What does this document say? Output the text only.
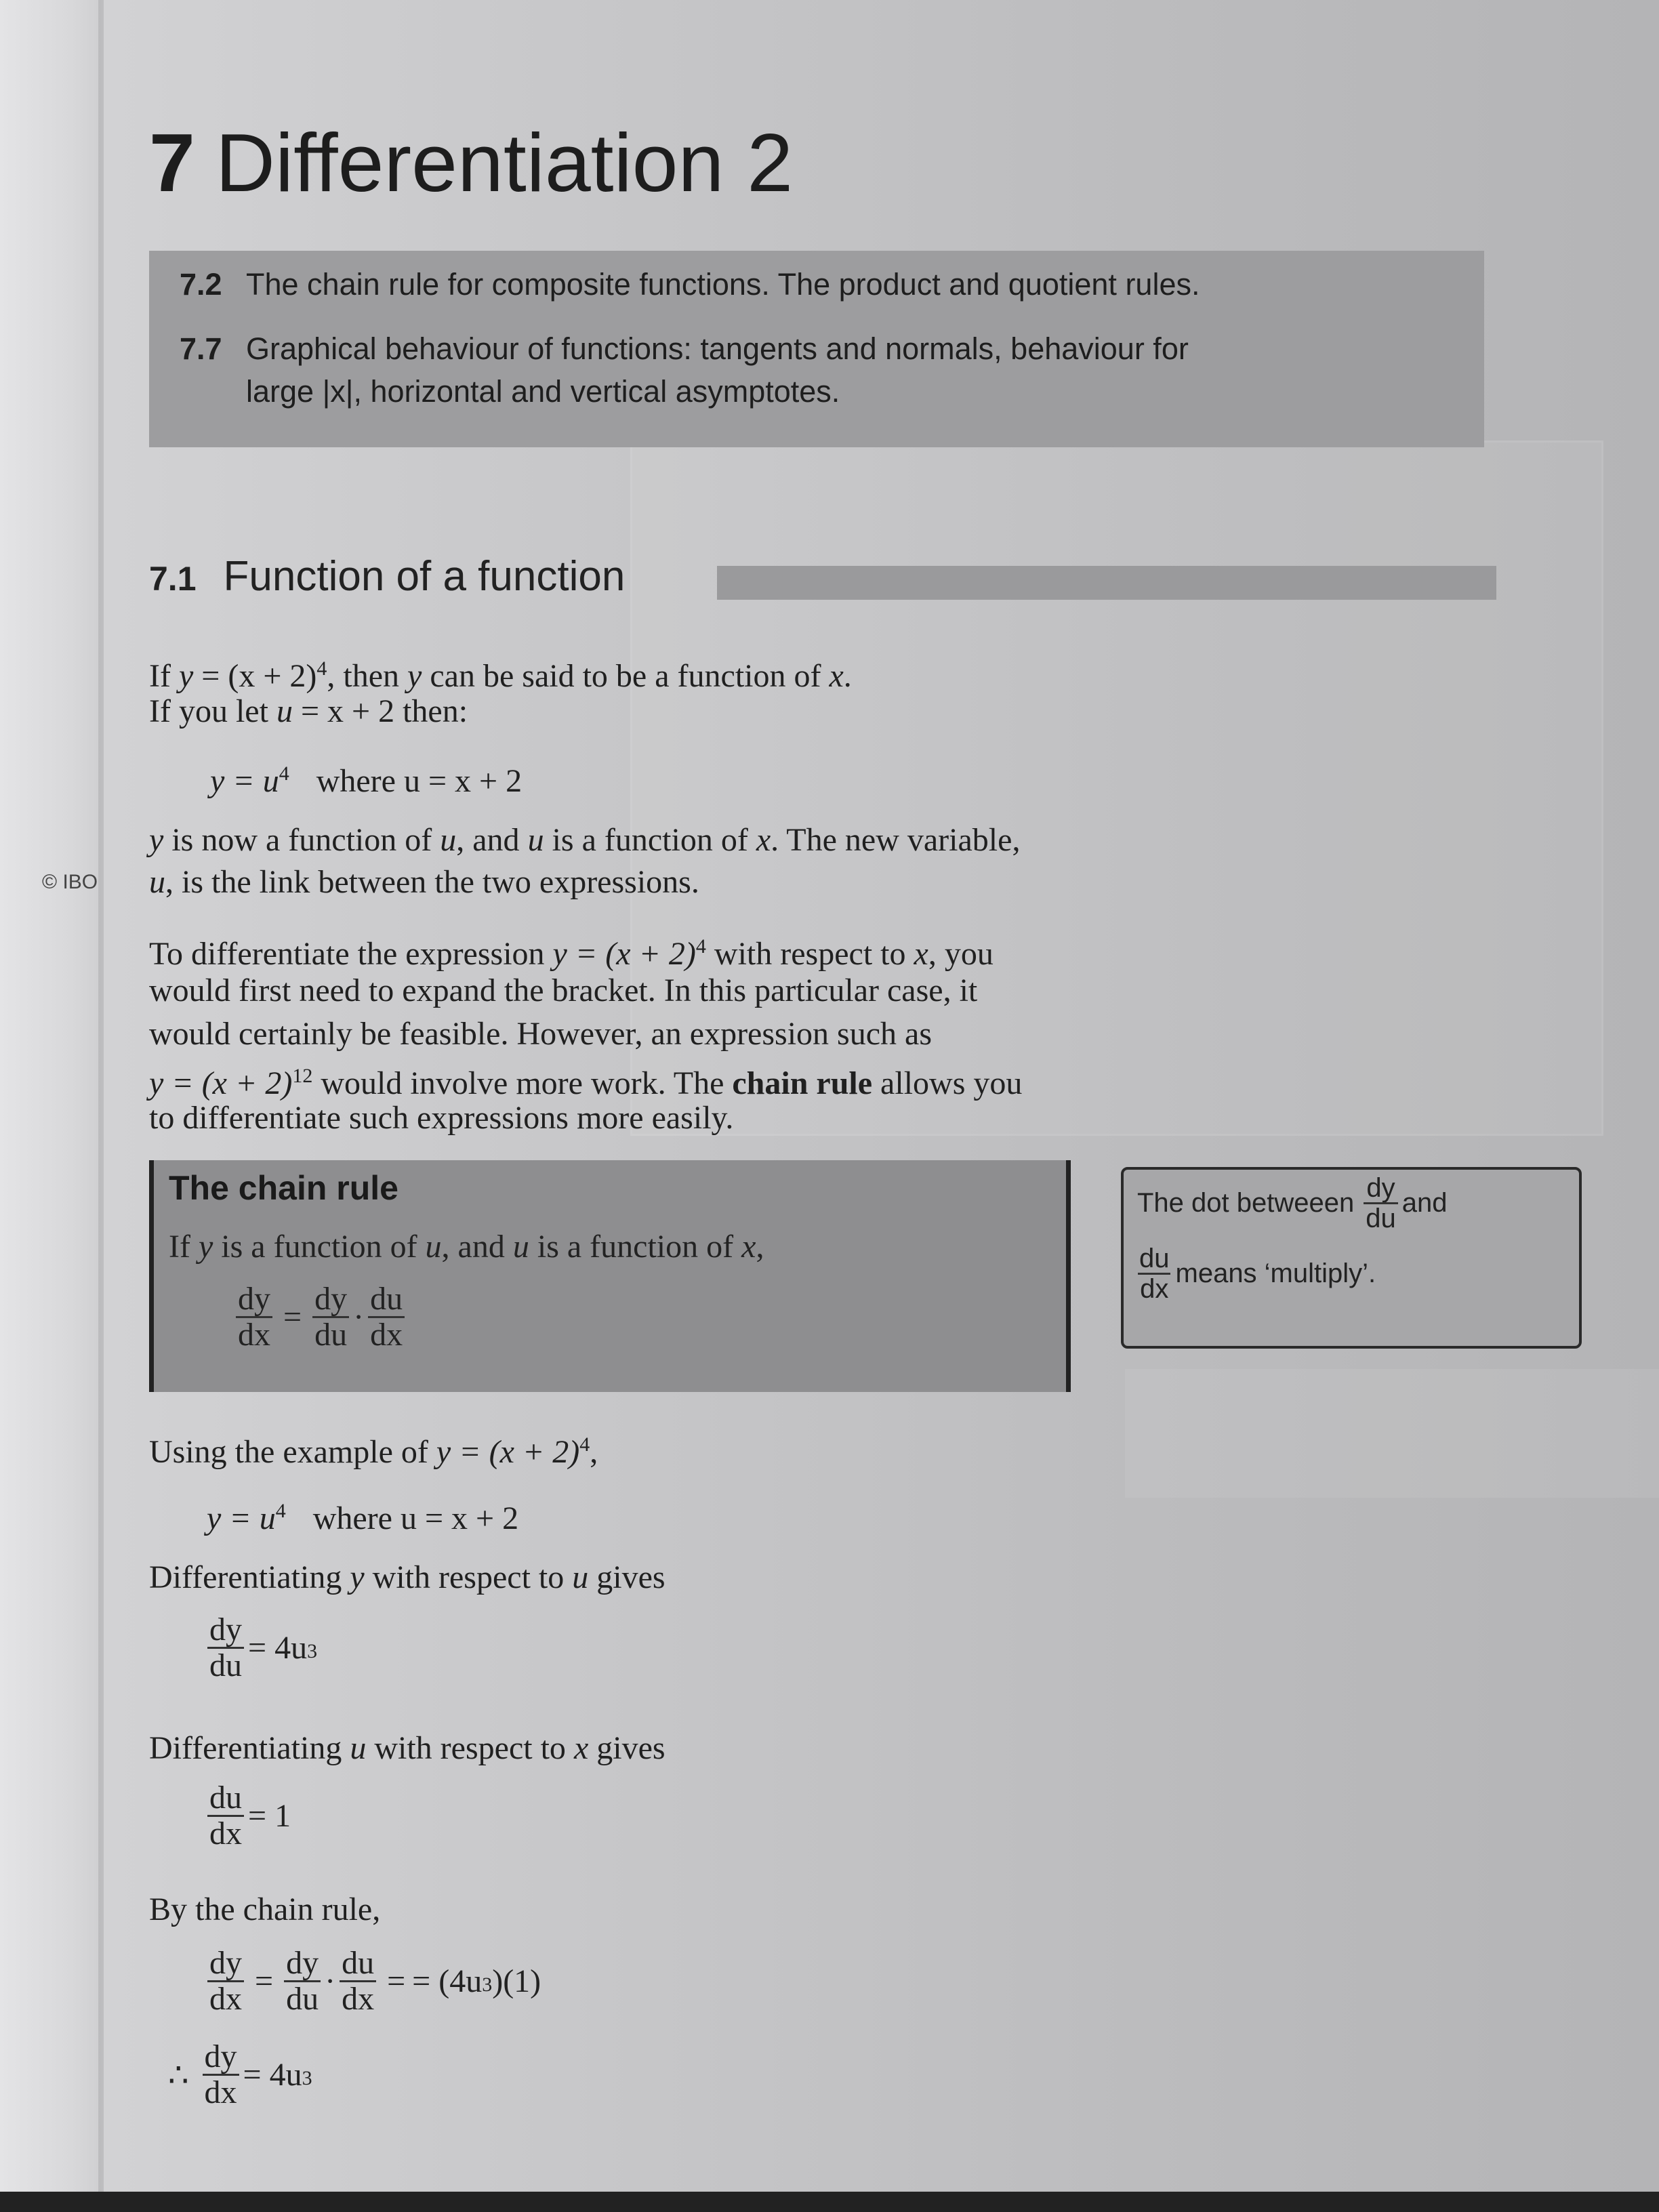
© IBO
7 Differentiation 2
7.2 The chain rule for composite functions. The product and quotient rules.
7.7 Graphical behaviour of functions: tangents and normals, behaviour for
large |x|, horizontal and vertical asymptotes.
7.1 Function of a function
If $y = (x + 2)^4$, then y can be said to be a function of x.
If you let u = x + 2 then:
$y = u^4$ where u = x + 2
y is now a function of u, and u is a function of x. The new variable,
u, is the link between the two expressions.
To differentiate the expression $y = (x + 2)^4$ with respect to x, you
would first need to expand the bracket. In this particular case, it
would certainly be feasible. However, an expression such as
$y = (x + 2)^{12}$ would involve more work. The chain rule allows you
to differentiate such expressions more easily.
The chain rule
If y is a function of u, and u is a function of x,
$\frac{dy}{dx} = \frac{dy}{du} \cdot \frac{du}{dx}$
The dot betweeen $\frac{dy}{du}$ and
$\frac{du}{dx}$ means ‘multiply’.
Using the example of $y = (x + 2)^4$,
$y = u^4$ where u = x + 2
Differentiating y with respect to u gives
$\frac{dy}{du} = 4u$ 3
Differentiating u with respect to x gives
$\frac{du}{dx} = 1$
By the chain rule,
$\frac{dy}{dx} = \frac{dy}{du} \cdot \frac{du}{dx}$ = = (4u 3 )(1)
∴ $\frac{dy}{dx} = 4u$ 3
